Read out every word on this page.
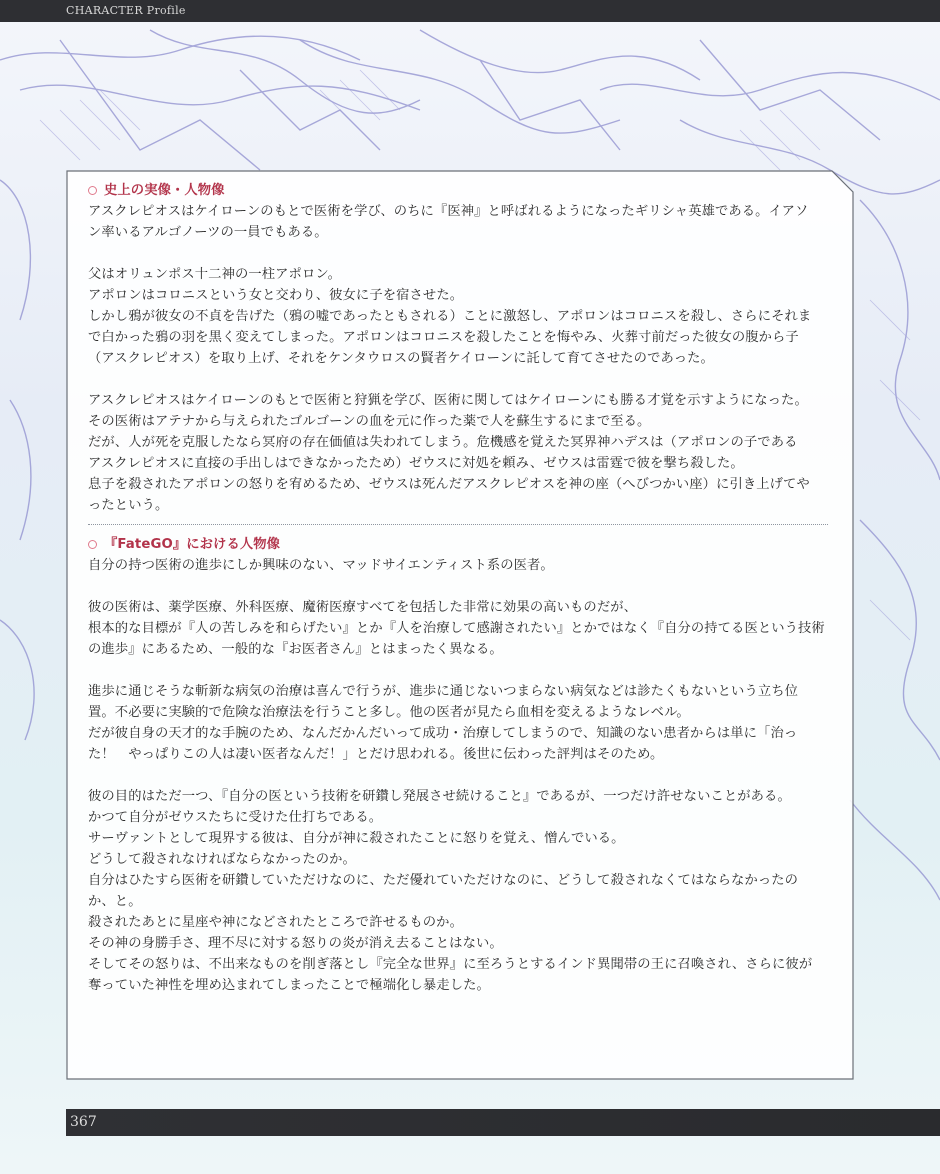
CHARACTER Profile
史上の実像・人物像

アスクレピオスはケイローンのもとで医術を学び、のちに『医神』と呼ばれるようになったギリシャ英雄である。イアソ
ン率いるアルゴノーツの一員でもある。

父はオリュンポス十二神の一柱アポロン。
アポロンはコロニスという女と交わり、彼女に子を宿させた。
しかし鴉が彼女の不貞を告げた（鴉の嘘であったともされる）ことに激怒し、アポロンはコロニスを殺し、さらにそれま
で白かった鴉の羽を黒く変えてしまった。アポロンはコロニスを殺したことを悔やみ、火葬寸前だった彼女の腹から子
（アスクレピオス）を取り上げ、それをケンタウロスの賢者ケイローンに託して育てさせたのであった。

アスクレピオスはケイローンのもとで医術と狩猟を学び、医術に関してはケイローンにも勝る才覚を示すようになった。
その医術はアテナから与えられたゴルゴーンの血を元に作った薬で人を蘇生するにまで至る。
だが、人が死を克服したなら冥府の存在価値は失われてしまう。危機感を覚えた冥界神ハデスは（アポロンの子である
アスクレピオスに直接の手出しはできなかったため）ゼウスに対処を頼み、ゼウスは雷霆で彼を撃ち殺した。
息子を殺されたアポロンの怒りを宥めるため、ゼウスは死んだアスクレピオスを神の座（へびつかい座）に引き上げてや
ったという。

『FateGO』における人物像

自分の持つ医術の進歩にしか興味のない、マッドサイエンティスト系の医者。

彼の医術は、薬学医療、外科医療、魔術医療すべてを包括した非常に効果の高いものだが、
根本的な目標が『人の苦しみを和らげたい』とか『人を治療して感謝されたい』とかではなく『自分の持てる医という技術
の進歩』にあるため、一般的な『お医者さん』とはまったく異なる。

進歩に通じそうな斬新な病気の治療は喜んで行うが、進歩に通じないつまらない病気などは診たくもないという立ち位
置。不必要に実験的で危険な治療法を行うこと多し。他の医者が見たら血相を変えるようなレベル。
だが彼自身の天才的な手腕のため、なんだかんだいって成功・治療してしまうので、知識のない患者からは単に「治っ
た！　やっぱりこの人は凄い医者なんだ！」とだけ思われる。後世に伝わった評判はそのため。

彼の目的はただ一つ、『自分の医という技術を研鑽し発展させ続けること』であるが、一つだけ許せないことがある。
かつて自分がゼウスたちに受けた仕打ちである。
サーヴァントとして現界する彼は、自分が神に殺されたことに怒りを覚え、憎んでいる。
どうして殺されなければならなかったのか。
自分はひたすら医術を研鑽していただけなのに、ただ優れていただけなのに、どうして殺されなくてはならなかったの
か、と。
殺されたあとに星座や神になどされたところで許せるものか。
その神の身勝手さ、理不尽に対する怒りの炎が消え去ることはない。
そしてその怒りは、不出来なものを削ぎ落とし『完全な世界』に至ろうとするインド異聞帯の王に召喚され、さらに彼が
奪っていた神性を埋め込まれてしまったことで極端化し暴走した。

367
